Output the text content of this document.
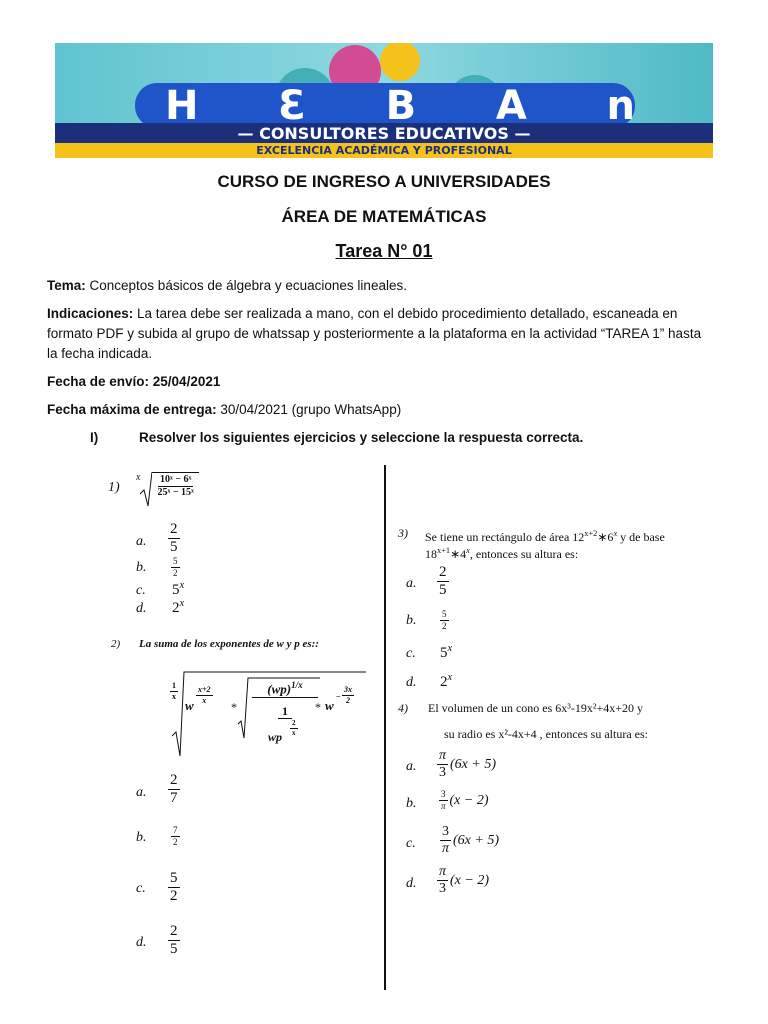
H Ɛ B A n
— CONSULTORES EDUCATIVOS —
EXCELENCIA ACADÉMICA Y PROFESIONAL
CURSO DE INGRESO A UNIVERSIDADES
ÁREA DE MATEMÁTICAS
Tarea N° 01
Tema: Conceptos básicos de álgebra y ecuaciones lineales.
Indicaciones: La tarea debe ser realizada a mano, con el debido procedimiento detallado, escaneada en formato PDF y subida al grupo de whatssap y posteriormente a la plataforma en la actividad “TAREA 1” hasta la fecha indicada.
Fecha de envío: 25/04/2021
Fecha máxima de entrega: 30/04/2021 (grupo WhatsApp)
I)	Resolver los siguientes ejercicios y seleccione la respuesta correcta.
1)
x $\frac{\text{10ˣ − 6ˣ}}{\text{25ˣ − 15ˣ}}$
a. $\frac{2}{5}$
b.	$\frac{5}{2}$
c. 5$^x$
d. 2$^x$
2) La suma de los exponentes de w y p es::
$\frac{1}{x}$
w
$\frac{x+2}{x}$
*
(wp)$^{1/x}$
1
wp $\frac{2}{x}$
* w
− $\frac{3x}{2}$
a. $\frac{2}{7}$
b.	$\frac{7}{2}$
c. $\frac{5}{2}$
d. $\frac{2}{5}$
3) Se tiene un rectángulo de área $12^{x+2}∗6^x$ y de base
$18^{x+1}∗4^x$, entonces su altura es:
a. $\frac{2}{5}$
b.	$\frac{5}{2}$
c. 5$^x$
d. 2$^x$
4) El volumen de un cono es 6x³-19x²+4x+20 y
su radio es x²-4x+4 , entonces su altura es:
a. $\frac{\pi}{3} (6x + 5)$
b.	$\frac{3}{\pi} (x - 2)$
c. $\frac{3}{\pi} (6x + 5)$
d. $\frac{\pi}{3} (x - 2)$
